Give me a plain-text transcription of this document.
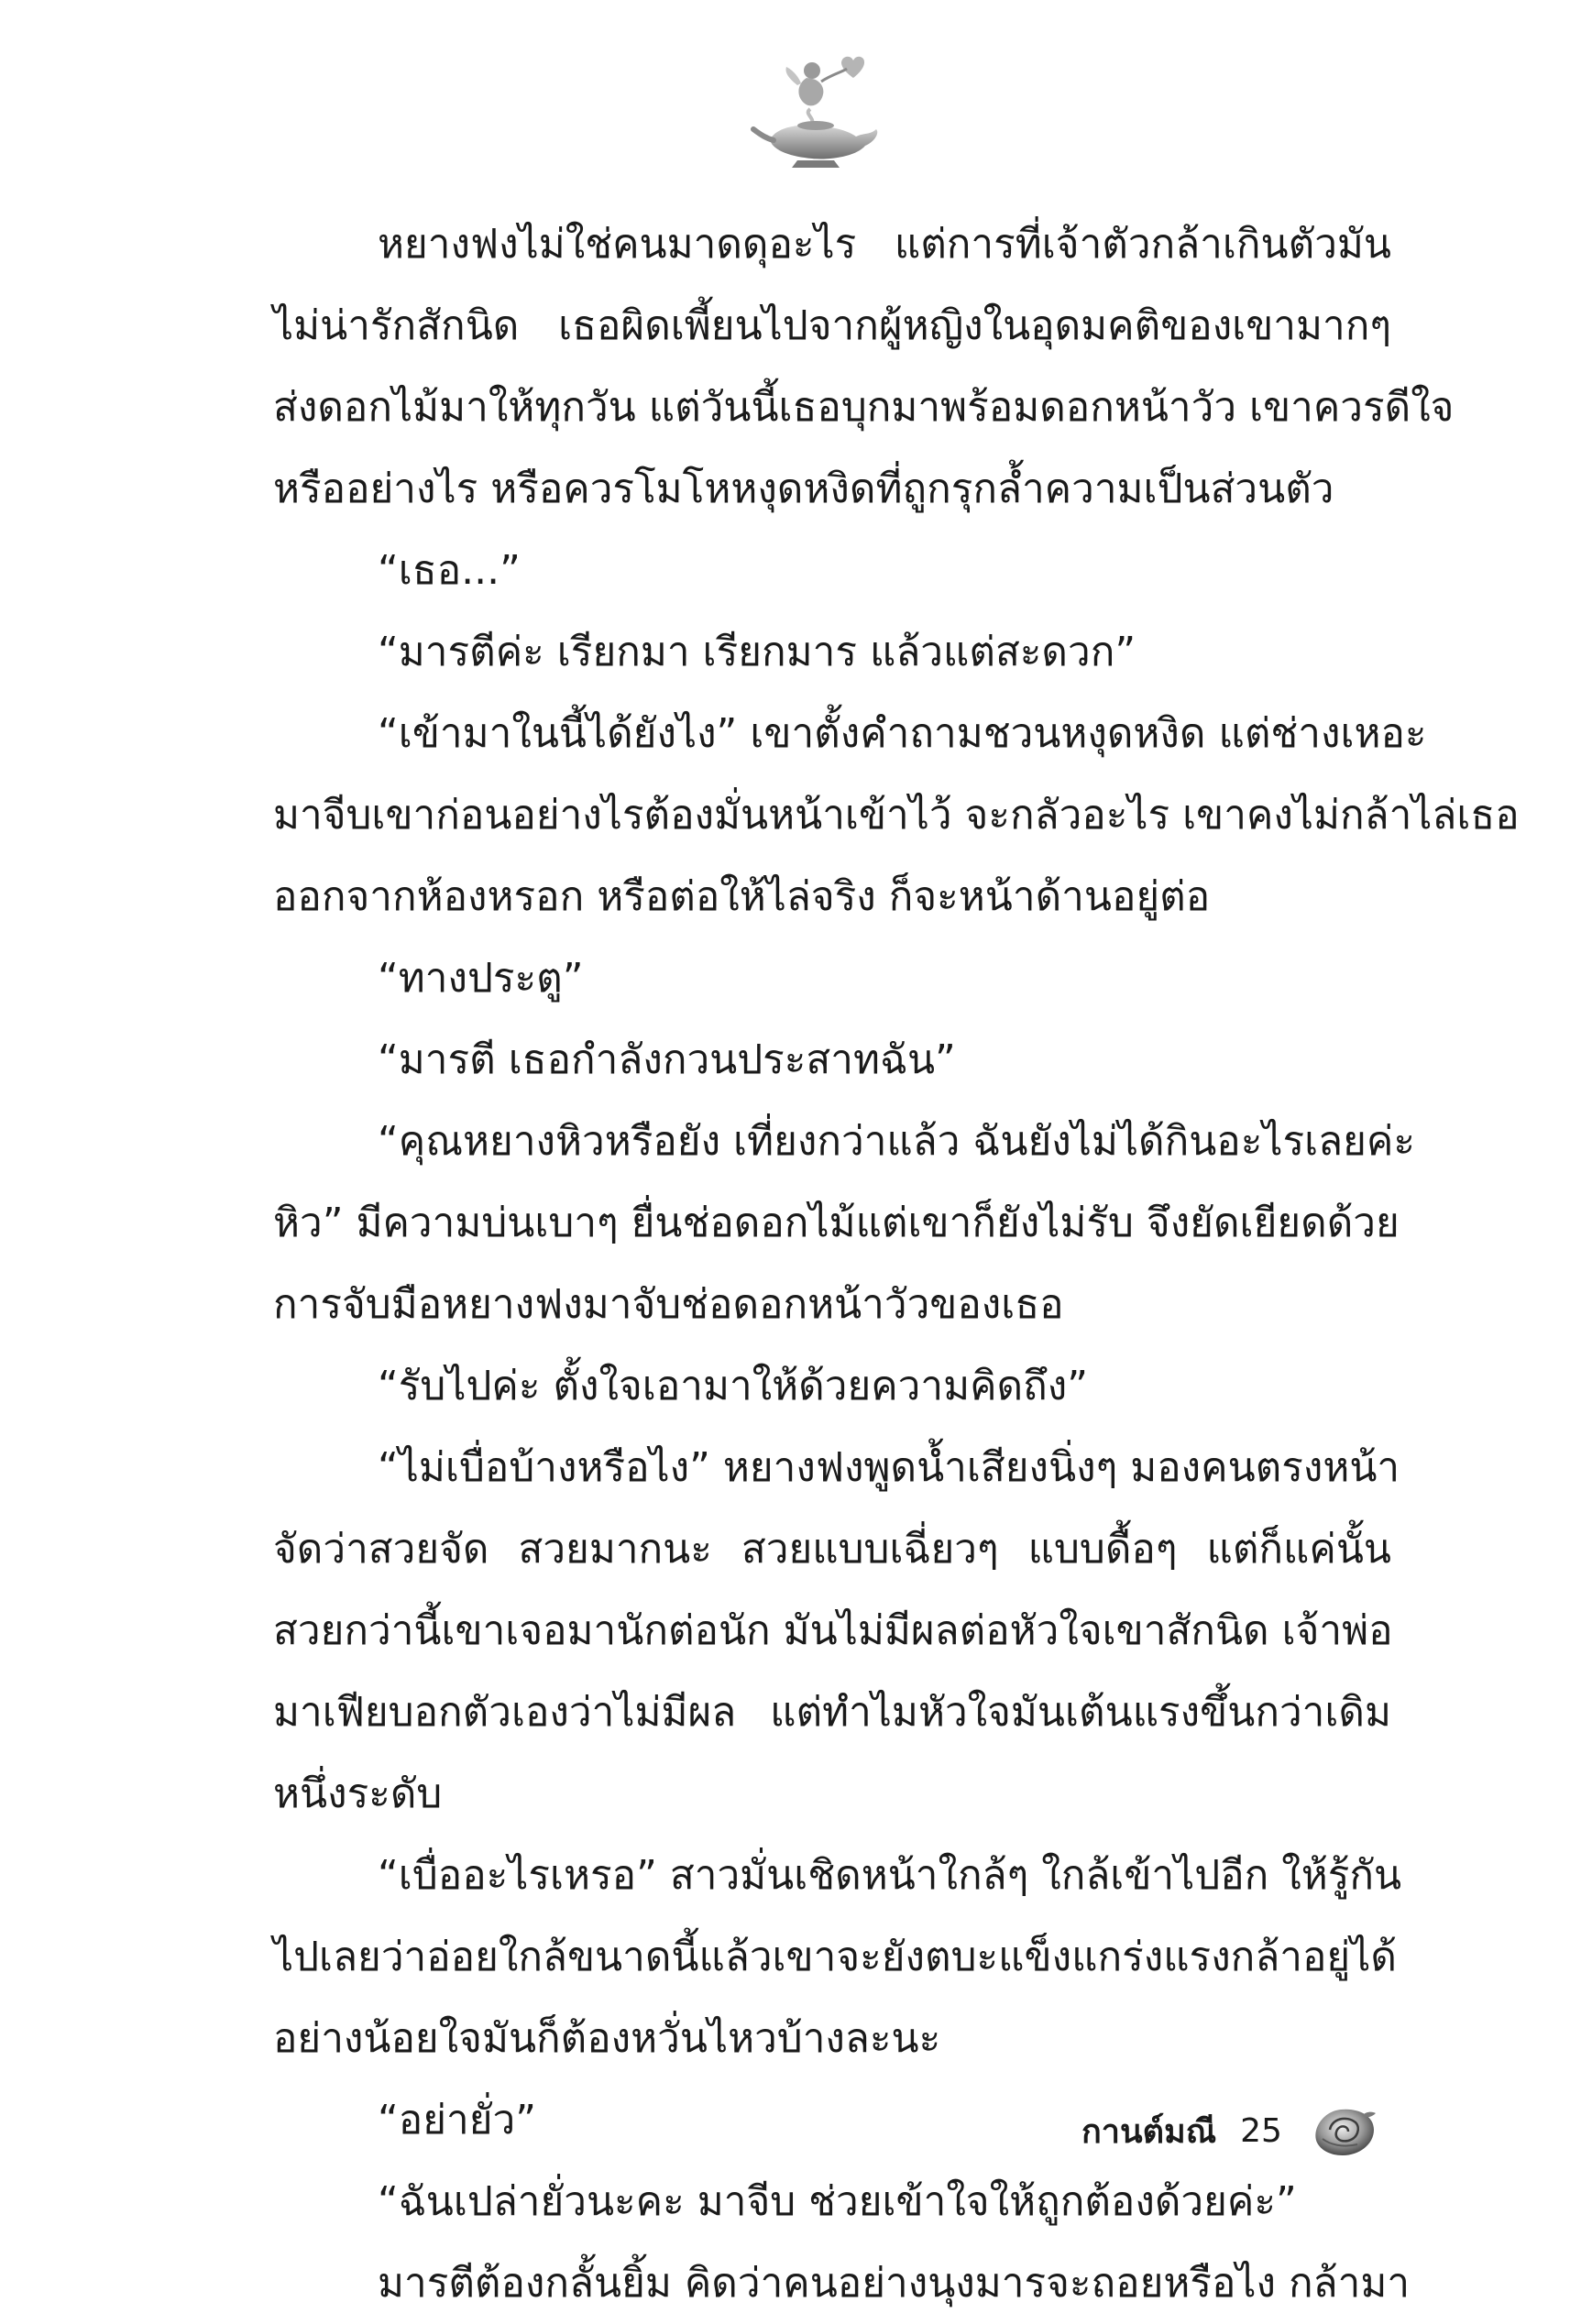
หยางฟงไม่ใช่คนมาดดุอะไร แต่การที่เจ้าตัวกล้าเกินตัวมัน
ไม่น่ารักสักนิด เธอผิดเพี้ยนไปจากผู้หญิงในอุดมคติของเขามากๆ
ส่งดอกไม้มาให้ทุกวัน แต่วันนี้เธอบุกมาพร้อมดอกหน้าวัว เขาควรดีใจ
หรืออย่างไร หรือควรโมโหหงุดหงิดที่ถูกรุกล้ำความเป็นส่วนตัว
“เธอ...”
“มารตีค่ะ เรียกมา เรียกมาร แล้วแต่สะดวก”
“เข้ามาในนี้ได้ยังไง” เขาตั้งคำถามชวนหงุดหงิด แต่ช่างเหอะ
มาจีบเขาก่อนอย่างไรต้องมั่นหน้าเข้าไว้ จะกลัวอะไร เขาคงไม่กล้าไล่เธอ
ออกจากห้องหรอก หรือต่อให้ไล่จริง ก็จะหน้าด้านอยู่ต่อ
“ทางประตู”
“มารตี เธอกำลังกวนประสาทฉัน”
“คุณหยางหิวหรือยัง เที่ยงกว่าแล้ว ฉันยังไม่ได้กินอะไรเลยค่ะ
หิว” มีความบ่นเบาๆ ยื่นช่อดอกไม้แต่เขาก็ยังไม่รับ จึงยัดเยียดด้วย
การจับมือหยางฟงมาจับช่อดอกหน้าวัวของเธอ
“รับไปค่ะ ตั้งใจเอามาให้ด้วยความคิดถึง”
“ไม่เบื่อบ้างหรือไง” หยางฟงพูดน้ำเสียงนิ่งๆ มองคนตรงหน้า
จัดว่าสวยจัด สวยมากนะ สวยแบบเฉี่ยวๆ แบบดื้อๆ แต่ก็แค่นั้น
สวยกว่านี้เขาเจอมานักต่อนัก มันไม่มีผลต่อหัวใจเขาสักนิด เจ้าพ่อ
มาเฟียบอกตัวเองว่าไม่มีผล แต่ทำไมหัวใจมันเต้นแรงขึ้นกว่าเดิม
หนึ่งระดับ
“เบื่ออะไรเหรอ” สาวมั่นเชิดหน้าใกล้ๆ ใกล้เข้าไปอีก ให้รู้กัน
ไปเลยว่าอ่อยใกล้ขนาดนี้แล้วเขาจะยังตบะแข็งแกร่งแรงกล้าอยู่ได้
อย่างน้อยใจมันก็ต้องหวั่นไหวบ้างละนะ
“อย่ายั่ว”
“ฉันเปล่ายั่วนะคะ มาจีบ ช่วยเข้าใจให้ถูกต้องด้วยค่ะ”
มารตีต้องกลั้นยิ้ม คิดว่าคนอย่างนุงมารจะถอยหรือไง กล้ามา
กานต์มณี 25
